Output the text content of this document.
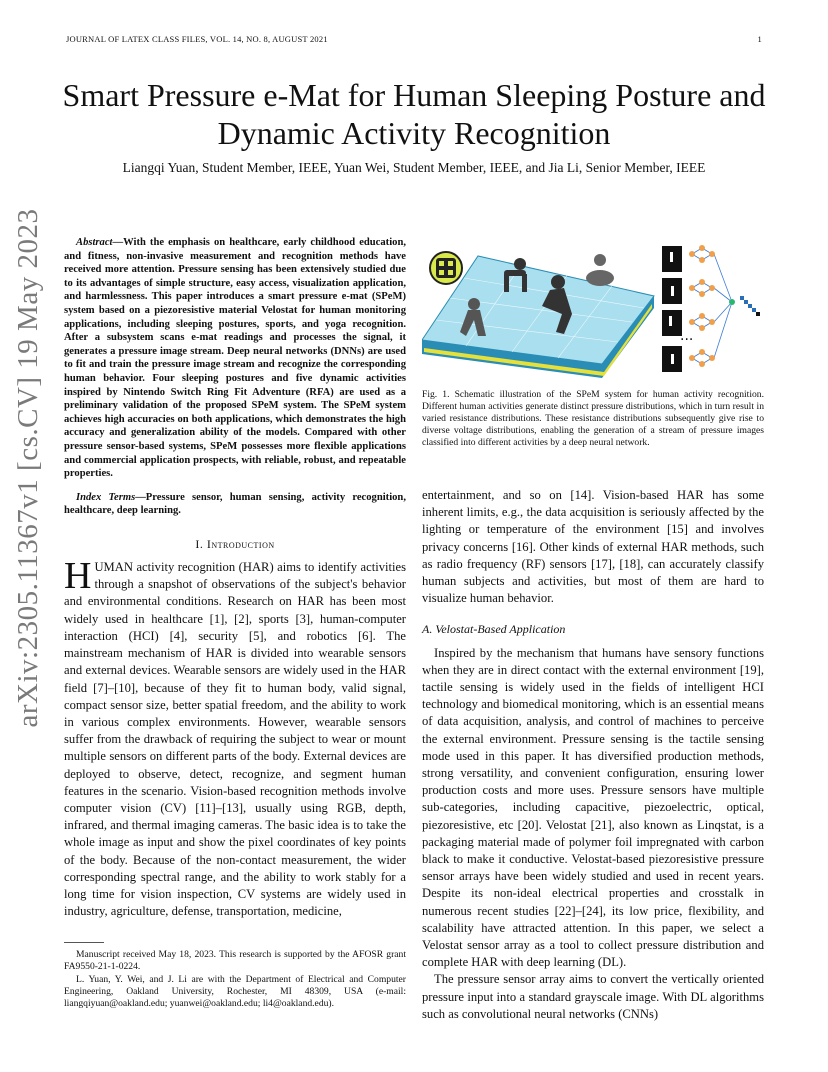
JOURNAL OF LATEX CLASS FILES, VOL. 14, NO. 8, AUGUST 2021	1
arXiv:2305.11367v1 [cs.CV] 19 May 2023
Smart Pressure e-Mat for Human Sleeping Posture and Dynamic Activity Recognition
Liangqi Yuan, Student Member, IEEE, Yuan Wei, Student Member, IEEE, and Jia Li, Senior Member, IEEE

Abstract—With the emphasis on healthcare, early childhood education, and fitness, non-invasive measurement and recognition methods have received more attention. Pressure sensing has been extensively studied due to its advantages of simple structure, easy access, visualization application, and harmlessness. This paper introduces a smart pressure e-mat (SPeM) system based on a piezoresistive material Velostat for human monitoring applications, including sleeping postures, sports, and yoga recognition. After a subsystem scans e-mat readings and processes the signal, it generates a pressure image stream. Deep neural networks (DNNs) are used to fit and train the pressure image stream and recognize the corresponding human behavior. Four sleeping postures and five dynamic activities inspired by Nintendo Switch Ring Fit Adventure (RFA) are used as a preliminary validation of the proposed SPeM system. The SPeM system achieves high accuracies on both applications, which demonstrates the high accuracy and generalization ability of the models. Compared with other pressure sensor-based systems, SPeM possesses more flexible applications and commercial application prospects, with reliable, robust, and repeatable properties.

Index Terms—Pressure sensor, human sensing, activity recognition, healthcare, deep learning.

I. Introduction

HUMAN activity recognition (HAR) aims to identify activities through a snapshot of observations of the subject's behavior and environmental conditions. Research on HAR has been most widely used in healthcare [1], [2], sports [3], human-computer interaction (HCI) [4], security [5], and robotics [6]. The mainstream mechanism of HAR is divided into wearable sensors and external devices. Wearable sensors are widely used in the HAR field [7]–[10], because of they fit to human body, valid signal, compact sensor size, better spatial freedom, and the ability to work in various complex environments. However, wearable sensors suffer from the drawback of requiring the subject to wear or mount multiple sensors on different parts of the body. External devices are deployed to observe, detect, recognize, and segment human features in the scenario. Vision-based recognition methods involve computer vision (CV) [11]–[13], usually using RGB, depth, infrared, and thermal imaging cameras. The basic idea is to take the whole image as input and show the pixel coordinates of key points of the body. Because of the non-contact measurement, the wider corresponding spectral range, and the ability to work stably for a long time for vision inspection, CV systems are widely used in industry, agriculture, defense, transportation, medicine,

Manuscript received May 18, 2023. This research is supported by the AFOSR grant FA9550-21-1-0224.

L. Yuan, Y. Wei, and J. Li are with the Department of Electrical and Computer Engineering, Oakland University, Rochester, MI 48309, USA (e-mail: liangqiyuan@oakland.edu; yuanwei@oakland.edu; li4@oakland.edu).

...
Fig. 1. Schematic illustration of the SPeM system for human activity recognition. Different human activities generate distinct pressure distributions, which in turn result in varied resistance distributions. These resistance distributions subsequently give rise to diverse voltage distributions, enabling the generation of a stream of pressure images classified into different activities by a deep neural network.

entertainment, and so on [14]. Vision-based HAR has some inherent limits, e.g., the data acquisition is seriously affected by the lighting or temperature of the environment [15] and involves privacy concerns [16]. Other kinds of external HAR methods, such as radio frequency (RF) sensors [17], [18], can accurately classify human subjects and activities, but most of them are hard to visualize human behavior.

A. Velostat-Based Application

Inspired by the mechanism that humans have sensory functions when they are in direct contact with the external environment [19], tactile sensing is widely used in the fields of intelligent HCI technology and biomedical monitoring, which is an essential means of data acquisition, analysis, and control of machines to perceive the external environment. Pressure sensing is the tactile sensing mode used in this paper. It has diversified production methods, strong versatility, and convenient configuration, ensuring lower production costs and more uses. Pressure sensors have multiple sub-categories, including capacitive, piezoelectric, optical, piezoresistive, etc [20]. Velostat [21], also known as Linqstat, is a packaging material made of polymer foil impregnated with carbon black to make it conductive. Velostat-based piezoresistive pressure sensor arrays have been widely studied and used in recent years. Despite its non-ideal electrical properties and crosstalk in numerous recent studies [22]–[24], its low price, flexibility, and scalability have attracted attention. In this paper, we select a Velostat sensor array as a tool to collect pressure distribution and complete HAR with deep learning (DL).

The pressure sensor array aims to convert the vertically oriented pressure input into a standard grayscale image. With DL algorithms such as convolutional neural networks (CNNs)
